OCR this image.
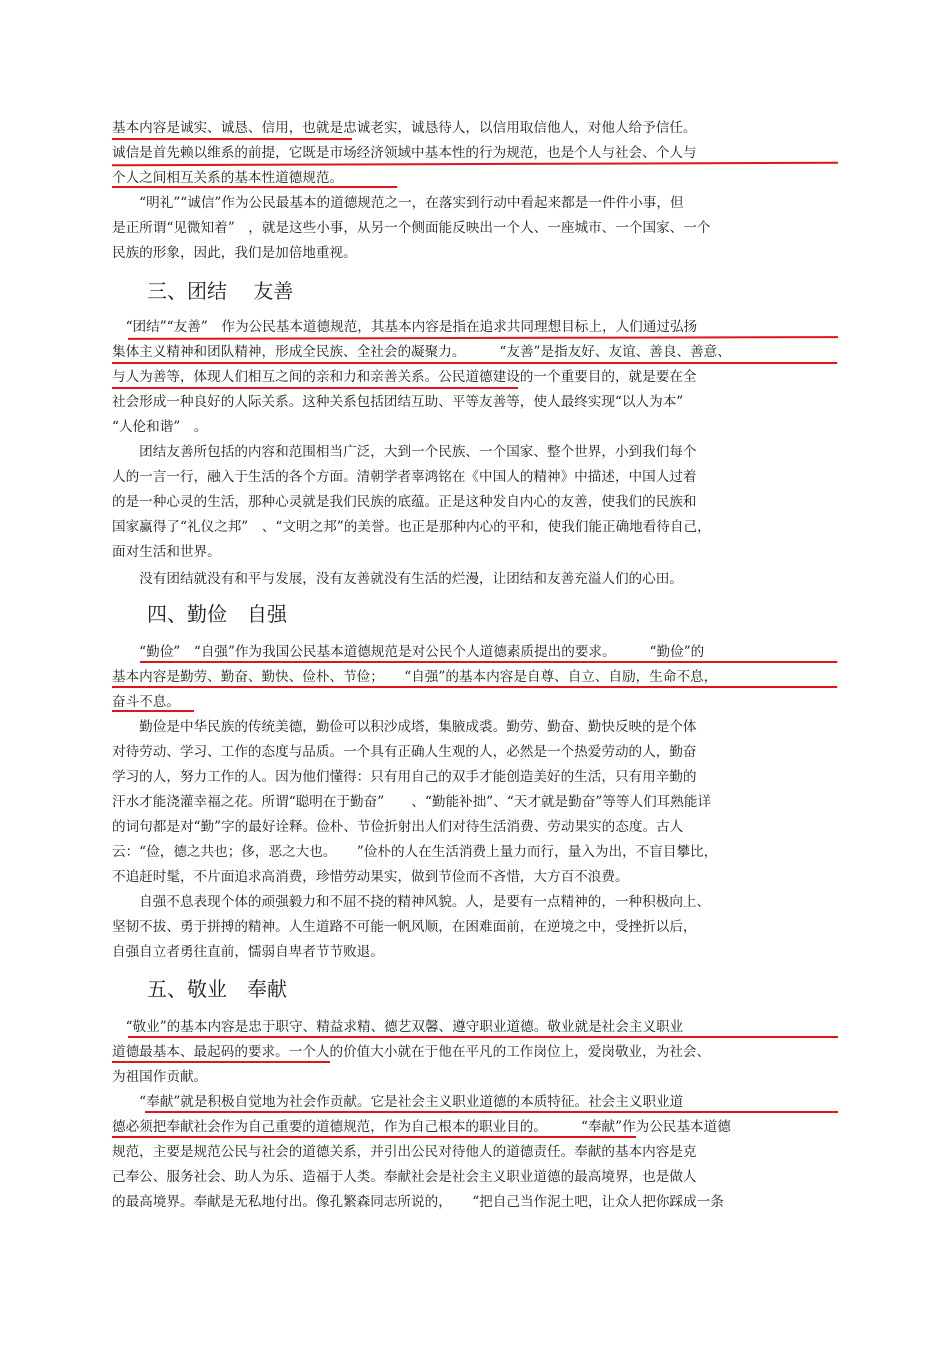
基本内容是诚实、诚恳、信用，也就是忠诚老实，诚恳待人，以信用取信他人，对他人给予信任。
诚信是首先赖以维系的前提，它既是市场经济领域中基本性的行为规范，也是个人与社会、个人与
个人之间相互关系的基本性道德规范。
　　“明礼”“诚信”作为公民最基本的道德规范之一，在落实到行动中看起来都是一件件小事，但
是正所谓“见微知着”　，就是这些小事，从另一个侧面能反映出一个人、一座城市、一个国家、一个
民族的形象，因此，我们是加倍地重视。
三、团结　 友善
　“团结”“友善”　作为公民基本道德规范，其基本内容是指在追求共同理想目标上，人们通过弘扬
集体主义精神和团队精神，形成全民族、全社会的凝聚力。　　　“友善”是指友好、友谊、善良、善意、
与人为善等，体现人们相互之间的亲和力和亲善关系。公民道德建设的一个重要目的，就是要在全
社会形成一种良好的人际关系。这种关系包括团结互助、平等友善等，使人最终实现“以人为本”
“人伦和谐”　。
　　团结友善所包括的内容和范围相当广泛，大到一个民族、一个国家、整个世界，小到我们每个
人的一言一行，融入于生活的各个方面。清朝学者辜鸿铭在《中国人的精神》中描述，中国人过着
的是一种心灵的生活，那种心灵就是我们民族的底蕴。正是这种发自内心的友善，使我们的民族和
国家赢得了“礼仪之邦”　、“文明之邦”的美誉。也正是那种内心的平和，使我们能正确地看待自己，
面对生活和世界。
　　没有团结就没有和平与发展，没有友善就没有生活的烂漫，让团结和友善充溢人们的心田。
四、勤俭　自强
　　“勤俭”　“自强”作为我国公民基本道德规范是对公民个人道德素质提出的要求。　　　“勤俭”的
基本内容是勤劳、勤奋、勤快、俭朴、节俭；　　“自强”的基本内容是自尊、自立、自励，生命不息，
奋斗不息。
　　勤俭是中华民族的传统美德，勤俭可以积沙成塔，集腋成裘。勤劳、勤奋、勤快反映的是个体
对待劳动、学习、工作的态度与品质。一个具有正确人生观的人，必然是一个热爱劳动的人，勤奋
学习的人，努力工作的人。因为他们懂得：只有用自己的双手才能创造美好的生活，只有用辛勤的
汗水才能浇灌幸福之花。所谓“聪明在于勤奋”　　、“勤能补拙”、“天才就是勤奋”等等人们耳熟能详
的词句都是对“勤”字的最好诠释。俭朴、节俭折射出人们对待生活消费、劳动果实的态度。古人
云：“俭，德之共也；侈，恶之大也。　　”俭朴的人在生活消费上量力而行，量入为出，不盲目攀比，
不追赶时髦，不片面追求高消费，珍惜劳动果实，做到节俭而不吝惜，大方百不浪费。
　　自强不息表现个体的顽强毅力和不屈不挠的精神风貌。人，是要有一点精神的，一种积极向上、
坚韧不拔、勇于拼搏的精神。人生道路不可能一帆风顺，在困难面前，在逆境之中，受挫折以后，
自强自立者勇往直前，懦弱自卑者节节败退。
五、敬业　奉献
　“敬业”的基本内容是忠于职守、精益求精、德艺双馨、遵守职业道德。敬业就是社会主义职业
道德最基本、最起码的要求。一个人的价值大小就在于他在平凡的工作岗位上，爱岗敬业，为社会、
为祖国作贡献。
　　“奉献”就是积极自觉地为社会作贡献。它是社会主义职业道德的本质特征。社会主义职业道
德必须把奉献社会作为自己重要的道德规范，作为自己根本的职业目的。　　　“奉献”作为公民基本道德
规范，主要是规范公民与社会的道德关系，并引出公民对待他人的道德责任。奉献的基本内容是克
己奉公、服务社会、助人为乐、造福于人类。奉献社会是社会主义职业道德的最高境界，也是做人
的最高境界。奉献是无私地付出。像孔繁森同志所说的，　　“把自己当作泥土吧，让众人把你踩成一条
